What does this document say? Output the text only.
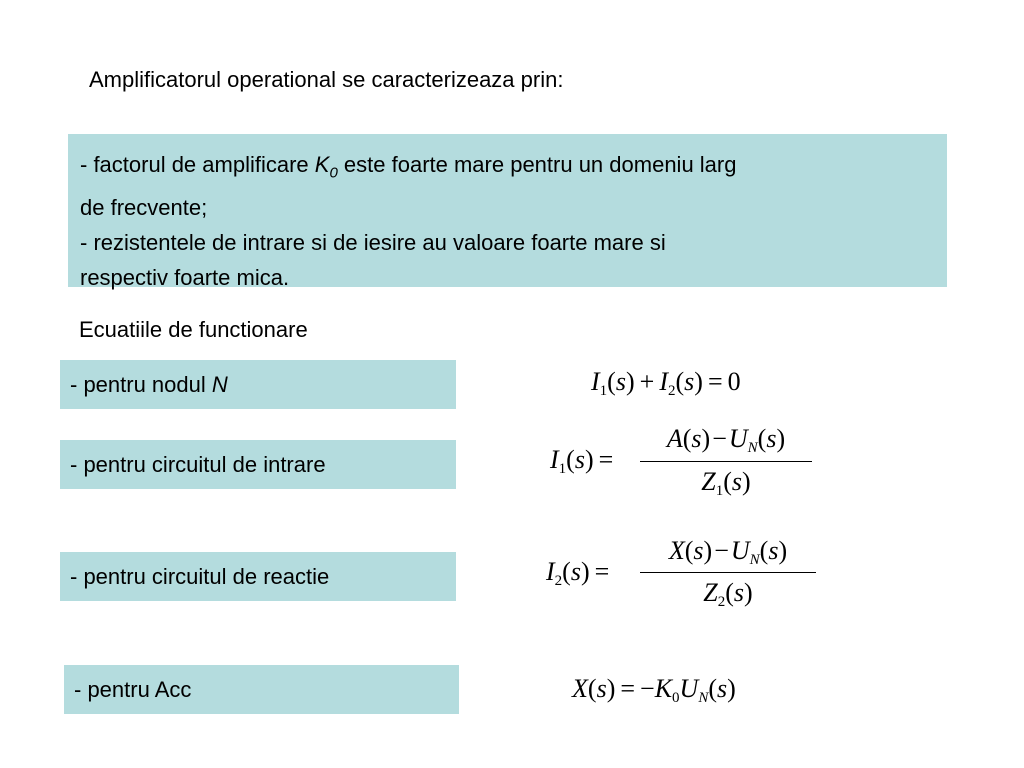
Amplificatorul operational se caracterizeaza prin:
- factorul de amplificare $K_0$ este foarte mare pentru un domeniu larg
de frecvente;
- rezistentele de intrare si de iesire au valoare foarte mare si
respectiv foarte mica.
Ecuatiile de functionare
- pentru nodul N
- pentru circuitul de intrare
- pentru circuitul de reactie
- pentru Acc
$I_1(s) + I_2(s) = 0$
$I_1(s)$ =
$A(s)-U_N(s)$
$Z_1(s)$
$I_2(s)$ =
$X(s)-U_N(s)$
$Z_2(s)$
$X(s) = -K_0U_N(s)$
